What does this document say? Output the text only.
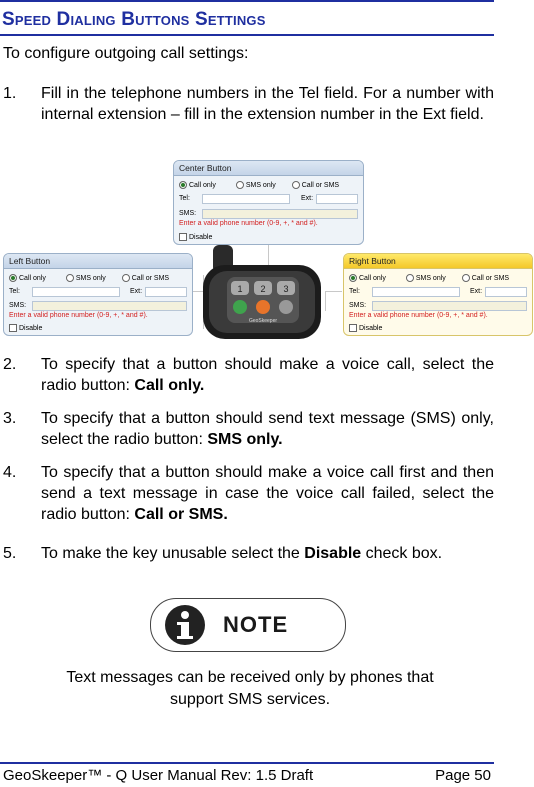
Speed Dialing Buttons Settings
To configure outgoing call settings:
1. Fill in the telephone numbers in the Tel field. For a number with internal extension – fill in the extension number in the Ext field.
Center Button
Call only	SMS only	Call or SMS
Tel:	Ext:
SMS:
Enter a valid phone number (0-9, +, * and #).
Disable
Left Button
Call only	SMS only	Call or SMS
Tel:	Ext:
SMS:
Enter a valid phone number (0-9, +, * and #).
Disable
Right Button
Call only	SMS only	Call or SMS
Tel:	Ext:
SMS:
Enter a valid phone number (0-9, +, * and #).
Disable
1 2 3
GeoSkeeper
2. To specify that a button should make a voice call, select the radio button: Call only.
3. To specify that a button should send text message (SMS) only, select the radio button: SMS only.
4. To specify that a button should make a voice call first and then send a text message in case the voice call failed, select the radio button: Call or SMS.
5. To make the key unusable select the Disable check box.
NOTE
Text messages can be received only by phones that support SMS services.
GeoSkeeper™ - Q User Manual Rev: 1.5 Draft	Page 50
